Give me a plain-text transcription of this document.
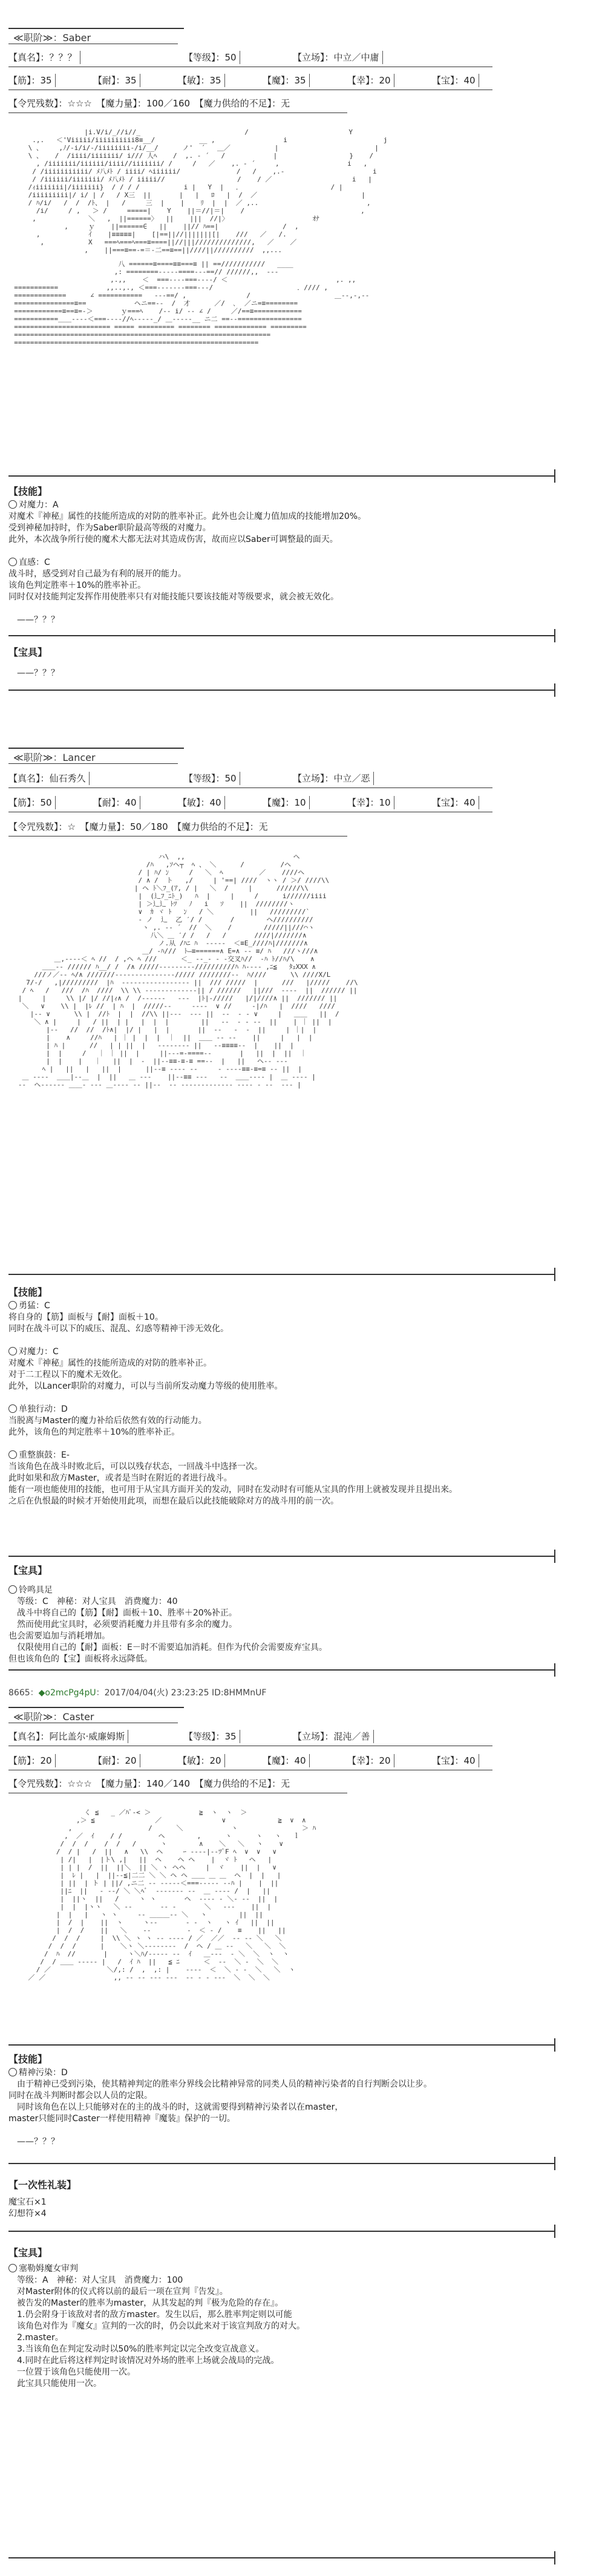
≪职阶≫：Saber
【真名】：？？？	【等级】：50	【立场】：中立／中庸
【筋】：35	【耐】：35	【敏】：35	【魔】：35	【幸】：20	【宝】：40
【令咒残数】：☆☆☆　【魔力量】：100／160　【魔力供给的不足】：无
|i.V/i/_//i//_                          /                         Y
.,.   ＜'Viiiii/iiiiiiiiii8≡__/           __ ,                 i                        j
\ 、    ,ﾉ/-i/i/-/iiiiiiii-/i/__/      ノ'  ´   ＿／           |                        |
\ 、   /  /iiii/iiiiiii/ i/// 人ﾍ    /  ,. ‐ ´   /            |                  }    /
, /iiiiiii/iiiiii/iiii//iiiiiii/ /     /   ／    ,. ‐ ´     ,                 i   ,
/ /iiiiiiiiiii/ ﾒ八ﾒﾄ / iiii/ ﾍiiiiii/              /   /    ,.‐                      i
/ /iiiiii/iiiiiii/ ﾒ八ﾒﾄ / iiiii//                  /    / ／                    i   |
/ｨiiiiiii|/iiiiiii}  / / / /           i |   Y  |   ．                      / |
/iiiiiiiii|/ i/ | /   / X三  ||       |   |   ﾛ   |  /  ／                          |
/ ﾊ/i/   /  /  /ﾄ、 |   /     三  |    |    ﾘ  |  |  ／ ,..                           ,
/i/     / ,   ＞ /     =====|    Y    ||＝//|＝|    /                             ,
,             ＼   ,  ||======〉  ||    |||  //|〉                     ｵﾅ
,     ｙ    ||======∈   ||    ||// ﾊ==|                /  ,
,            ｲ    |≡≡≡≡≡|    [|==||//|||||||[|    ///   ／   /.
,           X   ===ﾍ===ﾍ===≡====||//|||//////////////,   ／    ／
,    ||===≡==‐=＝-二==≡==||////||//////////  ,,...
八 ======≡====≡≡===≡ || ==///////////   ____
,: ========‐‐‐‐‐====‐‐‐==// //////,,  ‐‐‐
,.,,    ＜  ===‐‐‐‐===‐‐‐‐/ ＜                           ,. ,,
===========            ,,..,., ＜===‐‐‐‐‐‐‐===‐‐‐/                     ．//// ,
=============      ∠ ===========   ‐‐‐==/ ,               /                     ＿‐‐,‐,‐‐
===============≡==            ヘニ==‐‐  /  才      ／/  ､  ／ニ=≡========
============≡==≡=-＞       ｙ===ﾍ    /‐‐ i/ ‐‐ ∠ /     ／/==≡============
===========＿＿‐‐‐‐＜===‐‐‐‐//ﾍ-‐‐‐‐_/ ＿‐‐‐‐‐__ ニ二 ==‐‐================
======================== ===== ========= ======== ============= =========
================================================================
=============================================================
【技能】

对魔力：A

对魔术『神秘』属性的技能所造成的对防的胜率补正。此外也会让魔力值加成的技能增加20%。

受到神秘加持时，作为Saber职阶最高等级的对魔力。

此外，本次战争所行使的魔术大都无法对其造成伤害，故而应以Saber可调整最的面天。

直感：C

战斗时，感受到对自己最为有利的展开的能力。

该角色判定胜率＋10%的胜率补正。

同时仅对技能判定发挥作用使胜率只有对能技能只要该技能对等级要求，就会被无效化。

——？？？

【宝具】

——？？？

≪职阶≫：Lancer
【真名】：仙石秀久	【等级】：50	【立场】：中立／恶
【筋】：50	【耐】：40	【敏】：40	【魔】：10	【幸】：10	【宝】：40
【令咒残数】：☆　【魔力量】：50／180　【魔力供给的不足】：无
ハ\  ,,                           ヘ
/ﾊ   ,ｿヘ┬  ﾍ 、 ＼      /         /ヘ
/ | ﾊ/ ﾝ     /   ＼  ﾍ         ／    ////ヘ
/ ∧ /  ト   ,/     | '==| ////  ヽヽ / ＞/ ////\\
| ヘ ﾄ＼ﾌ_(ｱ, / |   ＼  /     |      //////\\
|  (辶ﾌ_ﾆﾄ_)   ﾊ  |     |     /      i//////iiii
| ＞辶辶 ﾄﾂ   ﾉ   i   ｿ    ||  ////////ヽ
∨  ｶ ヾ ﾄ   ﾝ   / ＼         ||   /////////`
‐ ノ  辶  乙 ′/ /       /        ヘ//////////
ヽ ,. ‐‐ ´  //  ＼    /        /////||///⌒ヽ
八＼ ＿ ′/ /   /   /       ////|///////∧
ノ.从 /ﾊﾆ ﾊ  ‐‐‐‐‐  ＜≡E_////ﾊ|///////∧
＿/ ‐ﾊ///  ﾄ―≡======∧ E=∧ ‐‐ ≡/ ﾊ   ///ヽ///∧
＿,‐‐‐‐＜ ﾍ //  / ,ヘ ﾍ ///      ＜_ ‐‐_‐ ‐ -交叉ﾊ//  ‐ﾊ ﾄ//ﾊ/\    ∧
＿＿‐‐ ////// ﾊ__/ /  /∧ /////‐‐‐‐‐‐‐‐‐//////////ﾊ ﾊ‐‐‐‐ ,ﾆ≦   ﾀｪXXX ∧
///ノ／‐‐ ﾍ/∧ ///////‐‐‐‐‐‐‐‐‐‐‐‐‐‐‐///// ////////‐‐  ﾊ////      \\ ////X/L
7/‐/   ,|/////////  |ﾊ  ‐‐‐‐‐‐‐‐‐‐‐‐‐‐‐‐‐ ||  /// /////  |      ///   |/////    //\
/ ﾍ   /   ///  /ﾊ  ////  \\ \\ ‐‐‐‐‐‐‐‐‐‐‐‐‐|| / //////   ||///  ‐‐‐‐  ||  ////// ||
|     |     \\ |/ |/ //|ｨ∧ /  /‐‐‐‐‐‐   ‐‐‐  |ﾄ|‐/////   |/|////∧ ||  /////// ||
＼   ∨    \\ |  |ﾚ //  | ﾊ  |  /////‐‐     ‐‐‐‐  ∨ //     ‐|/ﾊ   |  ////   ////
|‐‐ ∨      \\ |  //ﾄ  |  |  //\\ ||‐‐‐  ‐‐‐ ||  ‐‐  ‐ ‐ ∨     |   ＿＿   ||  /
＼ ∧ |     |   / ||  | |   |  |  |        ||   ‐‐  ‐ ‐ ‐‐  ||    | ｜ ||  |
|‐‐   //  //  /ﾄ∧|  |/ |   |  |       ||  ‐‐   ‐  ‐  ||     | ｜|  |
|    ∧     //ﾊ   | ｜ |  |  |  ｜  ||  ＿＿ ‐‐ ‐‐    ||     |   |  |
| ﾊ |      //   | | ||  |   ‐‐‐‐‐‐‐‐ ||   ‐‐≡≡≡≡‐‐  |    ||  |
|  |     /   ｜ ｜ ||  |     ||‐‐‐=‐====‐‐       |   ||  |  ||  ｜
|  |    |   ｜   ||  |  ‐  ||‐‐≡≡‐≡‐≡ ==‐‐  |   ||   ヘ‐‐ ‐‐‐
ﾍ |   ||   |   ||  |      ||‐‐≡ ‐‐‐‐ ‐‐     ‐ ‐‐‐‐≡≡‐≡=≡ ‐‐ ||  |
＿ ‐‐‐‐  ＿＿|‐‐＿  |  ||   ＿ ‐‐‐    ||‐‐≡≡ ‐‐‐   ‐‐  ＿＿‐‐‐‐ |  ＿ ‐‐‐‐ |
‐‐  ヘ‐‐‐‐‐‐ ＿＿‐ ‐‐‐ ＿‐‐‐‐ ‐‐ ||‐‐  ‐‐ ‐‐‐‐‐‐‐‐‐‐‐‐‐ ‐‐‐‐ ‐ ‐‐  ‐‐‐ |
【技能】

勇猛：C

将自身的【筋】面板与【耐】面板＋10。

同时在战斗可以下的威压、混乱、幻惑等精神干涉无效化。

对魔力：C

对魔术『神秘』属性的技能所造成的对防的胜率补正。

对于二工程以下的魔术无效化。

此外，以Lancer职阶的对魔力，可以与当前所发动魔力等级的使用胜率。

单独行动：D

当脱离与Master的魔力补给后依然有效的行动能力。

此外，该角色的判定胜率＋10%的胜率补正。

重整旗鼓：E-

当该角色在战斗时败北后，可以以残存状态，一回战斗中选择一次。

此时如果和敌方Master，或者是当时在附近的者进行战斗。

能有一项也能使用的技能，也可用于从宝具方面开关的发动，同时在发动时有可能从宝具的作用上就被发现并且提出来。

之后在仇恨最的时候才开始使用此项，而想在最后以此技能破除对方的战斗用的前一次。

【宝具】

铃鸣具足

等级：C　神秘：对人宝具　消费魔力：40

战斗中将自己的【筋】【耐】面板＋10、胜率＋20%补正。

然而使用此宝具时，必须要消耗魔力并且带有多余的魔力。

也会需要追加与消耗增加。

仅限使用自己的【耐】面板：E－时不需要追加消耗。但作为代价会需要废弃宝具。

但也该角色的【宝】面板将永远降低。

8665：◆o2mcPg4pU：2017/04/04(火) 23:23:25 ID:8HMMnUF
≪职阶≫：Caster
【真名】：阿比盖尔·威廉姆斯	【等级】：35	【立场】：混沌／善
【筋】：20	【耐】：20	【敏】：20	【魔】：40	【幸】：20	【宝】：40
【令咒残数】：☆☆☆　【魔力量】：140／140　【魔力供给的不足】：无
く ≦   _ ／ﾊﾟ‐< ＞            ≧  ヽ  ヽ  ＞
,＞ ≦               ／               ∨             ≧  ∨  ∧
,                   /      ＼            ヽ                ＞ ﾊ
,  ／  ｲ    / /         ヘ        ,      ヽ      ヽ   ヽ   ｌ
/  /  /    /  /   /      ヽ        ∧    ＼   ＼   ヽ    ∨
/  / |   /  ||   ∧   \\  ヘ     ｰ ‐‐‐‐|‐‐ﾂﾞF ﾍ  ∨  ∨   ∨
| /|   |  |ト\ ,|   ||  ヘ    ヘ ヘ    |  ヾ ﾄ   ヘ   |
| | |  /  ||  ||＼  || ＼ ヽ ヘヘ     |  ヾ    ||  |   ∨
|  ﾚ |   |  ||‐‐≦|二二 ＼ ＼ ヘ ヘ ＿＿ ＿ ＿  ヘ  |  |   |
| ||  | ト | ||/ ,ニ二 ‐‐ ‐‐‐‐‐＜===‐‐‐‐‐ ‐‐ﾊ |    |  ||
||ﾆ  ||   ‐ ‐‐/ ＼ ＼ﾍﾞ  ‐‐‐‐‐‐‐ ‐‐  ＿ ‐‐‐‐ /  |   ||
|  ||ヽ  ||   /     ヽ ヽ       ヘ  ‐‐‐‐ ‐ ＼‐ ‐‐  ||  |
|  |  |ヽヽ   ＼ ‐‐       ‐‐ ‐       ＼   ‐‐‐    ||  |
|  |   |   ヽ ヽ     ‐‐ ＿＿＿‐‐ ＼   ヽ        ||  ||
|  /  |    ||  ヽ     ヽ‐‐       ‐ ‐  ヽ   ヽ ｲ   ||  ||
|  /  /    ||   ＼    ‐‐         ‐  ＜ ‐ /    ≡    ||   ||
/  /  /     |  \\ ＼ ヽ ヽ ‐‐ ‐‐‐‐ / ／  ／／  ‐‐ ‐‐ ＼   ＼
/  /  /      |    ＼ヽ ＼‐‐‐‐‐‐‐‐  /  ヘ / ＿ ‐‐   ＼   ＼  ＼
/  ﾊ  //       |     ヽ＼ﾊ/‐‐‐‐‐ ‐‐  ｲ   ＿‐‐‐  ‐ ＼  ＼  ヽ  ヽ
/  / ＿＿ ‐‐‐‐‐ |   /  ｲ ﾊ  ||   ≦ ﾆ      ＜  ‐‐  ＼ ‐  ＼  ＼
/ ／              ＼/,: /  ,  ,: |    ‐‐‐‐  ＜  ＼ ‐ ‐  ＼   ＼  ヽ
／ ／                 ,, ‐‐ ‐‐ ‐‐‐ ‐‐‐  ‐‐ ‐ ‐ ‐‐‐  ＼  ＼  ＼
【技能】

精神污染：D

由于精神已受到污染，使其精神判定的胜率分界线会比精神异常的同类人员的精神污染者的自行判断会以让步。

同时在战斗判断时都会以人员的定限。

同时该角色在以上只能够对在的主的战斗的时，这就需要得到精神污染者以在master，

master只能同时Caster一样使用精神『魔装』保护的一切。

——？？？

【一次性礼装】

魔宝石×1

幻想符×4

【宝具】

塞勒姆魔女审判

等级：A　神秘：对人宝具　消费魔力：100

对Master附体的仪式将以前的最后一项在宣判『告发』。

被告发的Master的胜率为master，从其发起的判『极为危险的存在』。

1.仍会附身于该敌对者的敌方master。发生以后，那么胜率判定则以可能

该角色对作为『魔女』宣判的一次的时，仍会以此来对于该宣判敌方的对大。

2.master。

3.当该角色在判定发动时以50%的胜率判定以完全改变宣战意义。

4.同时在此后将这样判定时该情况对外场的胜率上场就会战局的完战。

一位置于该角色只能使用一次。

此宝具只能使用一次。
